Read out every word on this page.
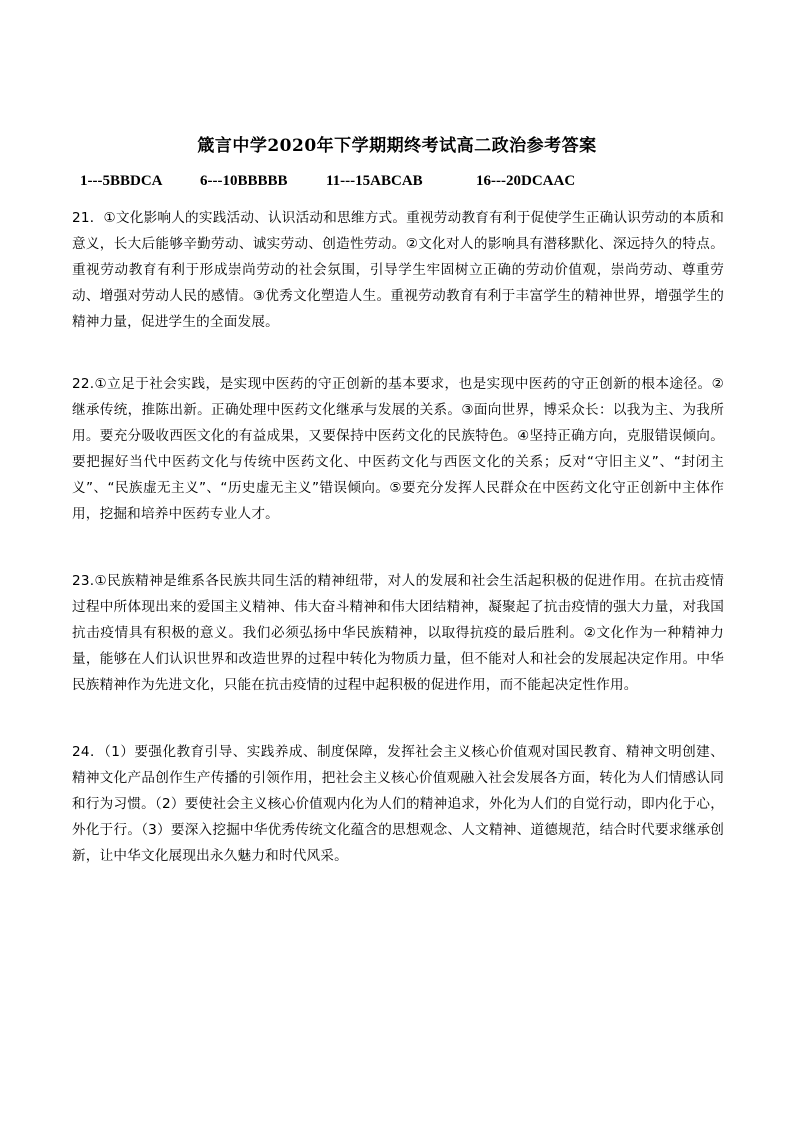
箴言中学2020年下学期期终考试高二政治参考答案
1---5BBDCA	6---10BBBBB	11---15ABCAB	16---20DCAAC
21．①文化影响人的实践活动、认识活动和思维方式。重视劳动教育有利于促使学生正确认识劳动的本质和意义，长大后能够辛勤劳动、诚实劳动、创造性劳动。②文化对人的影响具有潜移默化、深远持久的特点。重视劳动教育有利于形成崇尚劳动的社会氛围，引导学生牢固树立正确的劳动价值观，崇尚劳动、尊重劳动、增强对劳动人民的感情。③优秀文化塑造人生。重视劳动教育有利于丰富学生的精神世界，增强学生的精神力量，促进学生的全面发展。
22.①立足于社会实践，是实现中医药的守正创新的基本要求，也是实现中医药的守正创新的根本途径。②继承传统，推陈出新。正确处理中医药文化继承与发展的关系。③面向世界，博采众长：以我为主、为我所用。要充分吸收西医文化的有益成果，又要保持中医药文化的民族特色。④坚持正确方向，克服错误倾向。要把握好当代中医药文化与传统中医药文化、中医药文化与西医文化的关系；反对“守旧主义”、“封闭主义”、“民族虚无主义”、“历史虚无主义”错误倾向。⑤要充分发挥人民群众在中医药文化守正创新中主体作用，挖掘和培养中医药专业人才。
23.①民族精神是维系各民族共同生活的精神纽带，对人的发展和社会生活起积极的促进作用。在抗击疫情过程中所体现出来的爱国主义精神、伟大奋斗精神和伟大团结精神，凝聚起了抗击疫情的强大力量，对我国抗击疫情具有积极的意义。我们必须弘扬中华民族精神，以取得抗疫的最后胜利。②文化作为一种精神力量，能够在人们认识世界和改造世界的过程中转化为物质力量，但不能对人和社会的发展起决定作用。中华民族精神作为先进文化，只能在抗击疫情的过程中起积极的促进作用，而不能起决定性作用。
24．（1）要强化教育引导、实践养成、制度保障，发挥社会主义核心价值观对国民教育、精神文明创建、精神文化产品创作生产传播的引领作用，把社会主义核心价值观融入社会发展各方面，转化为人们情感认同和行为习惯。（2）要使社会主义核心价值观内化为人们的精神追求，外化为人们的自觉行动，即内化于心，外化于行。（3）要深入挖掘中华优秀传统文化蕴含的思想观念、人文精神、道德规范，结合时代要求继承创新，让中华文化展现出永久魅力和时代风采。
